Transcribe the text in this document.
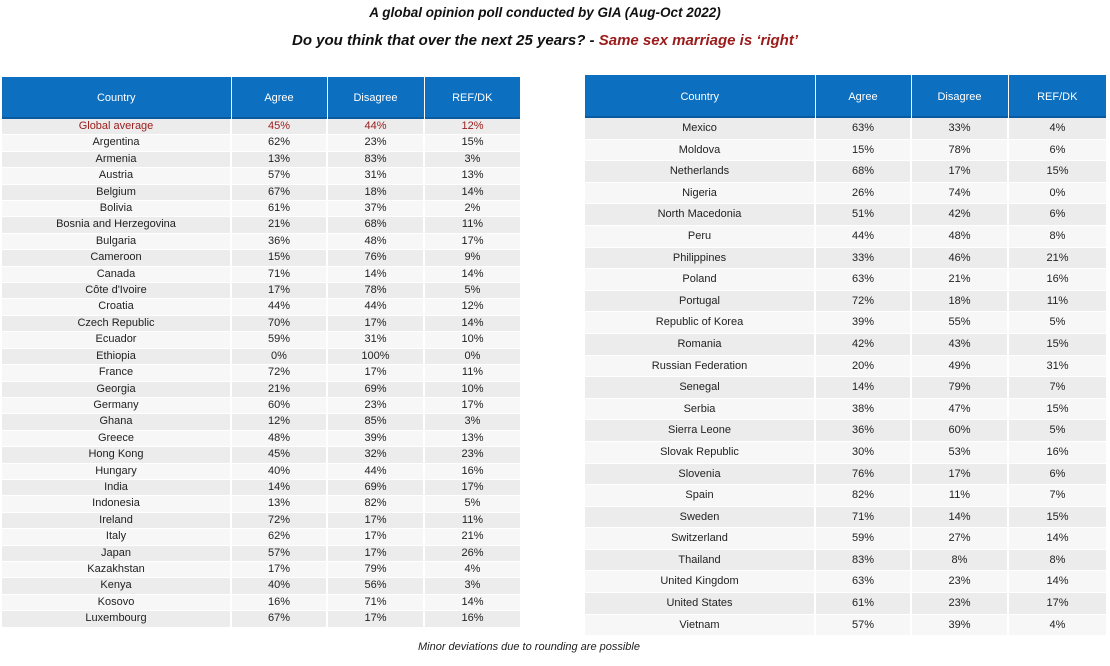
A global opinion poll conducted by GIA (Aug-Oct 2022)
Do you think that over the next 25 years? - Same sex marriage is ‘right’
Country	Agree	Disagree	REF/DK
Global average	45%	44%	12%
Argentina	62%	23%	15%
Armenia	13%	83%	3%
Austria	57%	31%	13%
Belgium	67%	18%	14%
Bolivia	61%	37%	2%
Bosnia and Herzegovina	21%	68%	11%
Bulgaria	36%	48%	17%
Cameroon	15%	76%	9%
Canada	71%	14%	14%
Côte d'Ivoire	17%	78%	5%
Croatia	44%	44%	12%
Czech Republic	70%	17%	14%
Ecuador	59%	31%	10%
Ethiopia	0%	100%	0%
France	72%	17%	11%
Georgia	21%	69%	10%
Germany	60%	23%	17%
Ghana	12%	85%	3%
Greece	48%	39%	13%
Hong Kong	45%	32%	23%
Hungary	40%	44%	16%
India	14%	69%	17%
Indonesia	13%	82%	5%
Ireland	72%	17%	11%
Italy	62%	17%	21%
Japan	57%	17%	26%
Kazakhstan	17%	79%	4%
Kenya	40%	56%	3%
Kosovo	16%	71%	14%
Luxembourg	67%	17%	16%
Country	Agree	Disagree	REF/DK
Mexico	63%	33%	4%
Moldova	15%	78%	6%
Netherlands	68%	17%	15%
Nigeria	26%	74%	0%
North Macedonia	51%	42%	6%
Peru	44%	48%	8%
Philippines	33%	46%	21%
Poland	63%	21%	16%
Portugal	72%	18%	11%
Republic of Korea	39%	55%	5%
Romania	42%	43%	15%
Russian Federation	20%	49%	31%
Senegal	14%	79%	7%
Serbia	38%	47%	15%
Sierra Leone	36%	60%	5%
Slovak Republic	30%	53%	16%
Slovenia	76%	17%	6%
Spain	82%	11%	7%
Sweden	71%	14%	15%
Switzerland	59%	27%	14%
Thailand	83%	8%	8%
United Kingdom	63%	23%	14%
United States	61%	23%	17%
Vietnam	57%	39%	4%
Minor deviations due to rounding are possible
